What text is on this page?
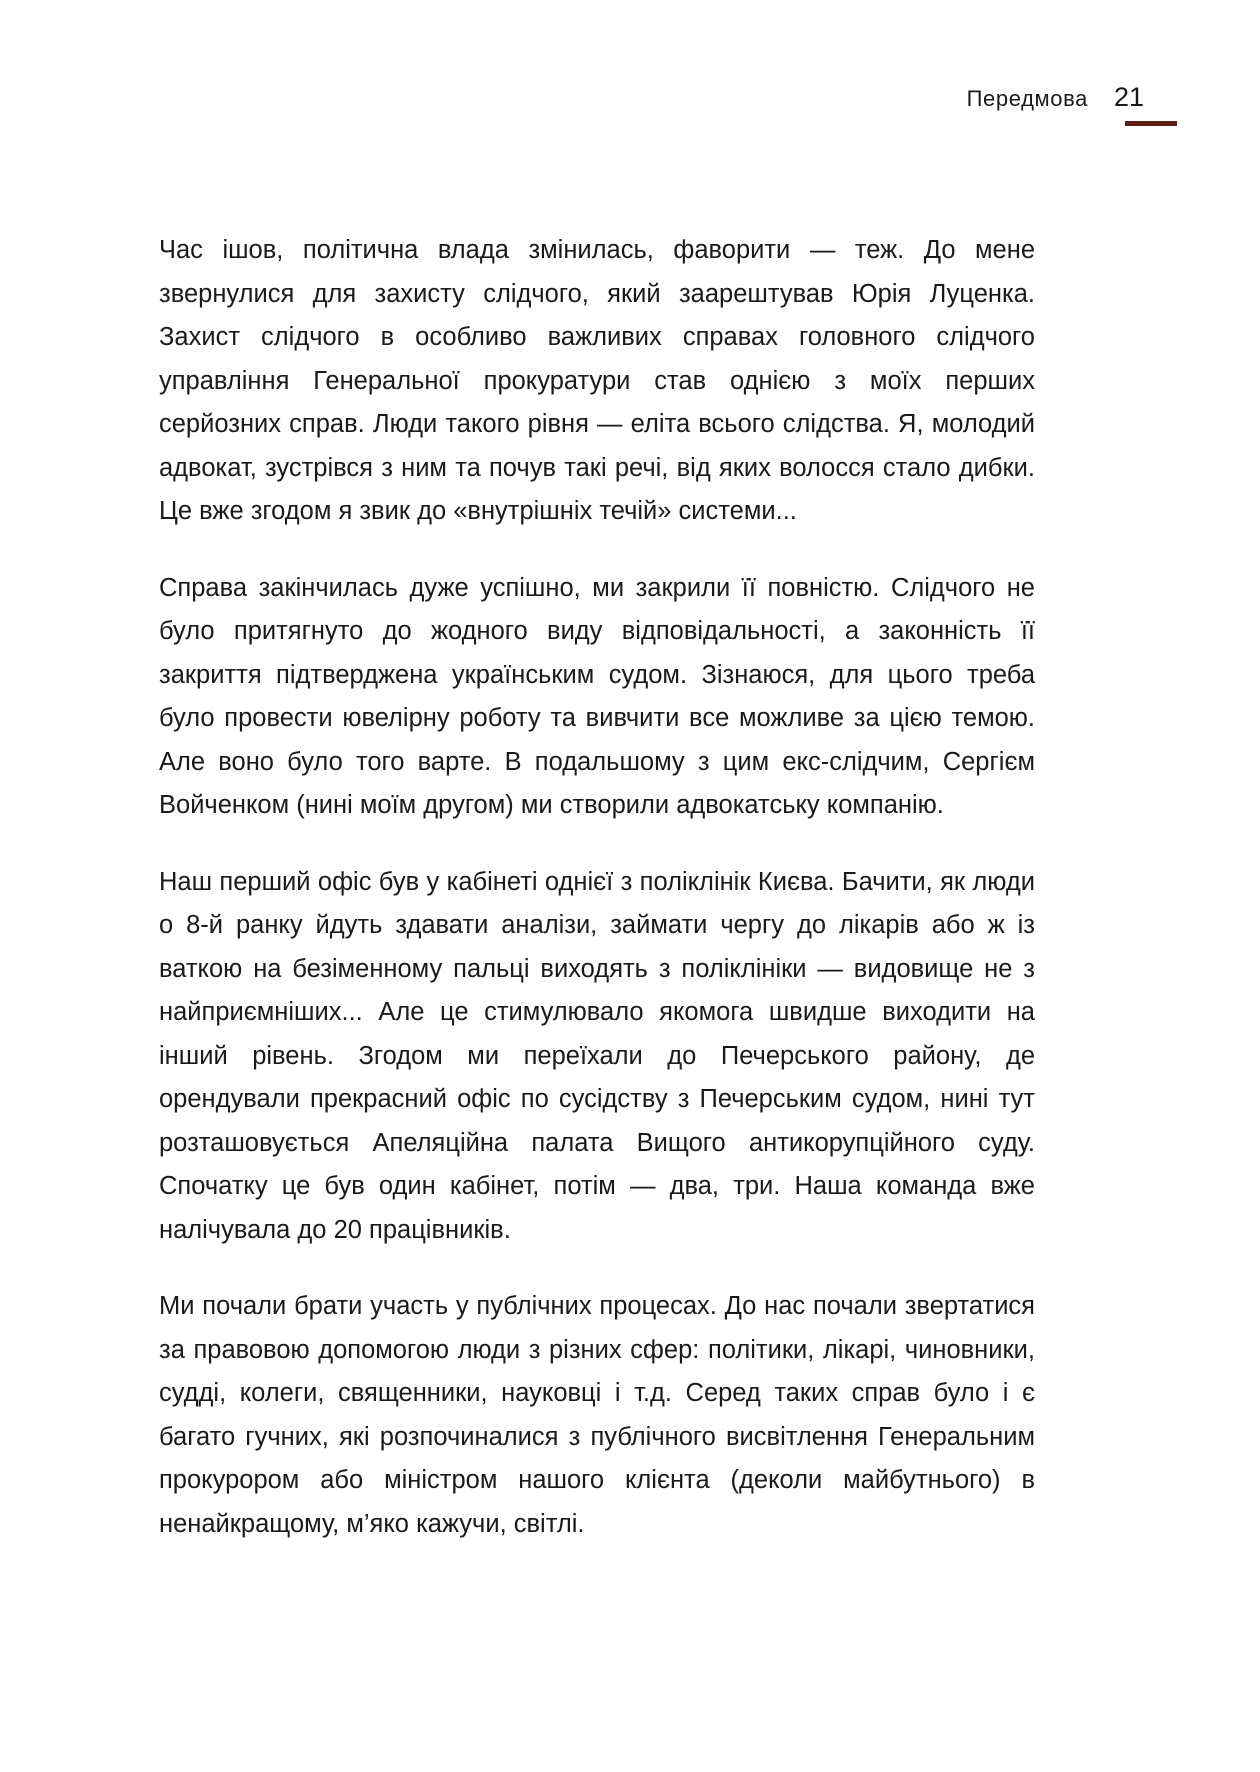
Передмова 21

Час ішов, політична влада змінилась, фаворити — теж. До мене звернулися для захисту слідчого, який заарештував Юрія Луценка. Захист слідчого в особливо важливих справах головного слідчого управління Генеральної прокуратури став однією з моїх перших серйозних справ. Люди такого рівня — еліта всього слідства. Я, молодий адвокат, зустрівся з ним та почув такі речі, від яких волосся стало дибки. Це вже згодом я звик до «внутрішніх течій» системи...

Справа закінчилась дуже успішно, ми закрили її повністю. Слідчого не було притягнуто до жодного виду відповідальності, а законність її закриття підтверджена українським судом. Зізнаюся, для цього треба було провести ювелірну роботу та вивчити все можливе за цією темою. Але воно було того варте. В подальшому з цим екс-слідчим, Сергієм Войченком (нині моїм другом) ми створили адвокатську компанію.

Наш перший офіс був у кабінеті однієї з поліклінік Києва. Бачити, як люди о 8-й ранку йдуть здавати аналізи, займати чергу до лікарів або ж із ваткою на безіменному пальці виходять з поліклініки — видовище не з найприємніших... Але це стимулювало якомога швидше виходити на інший рівень. Згодом ми переїхали до Печерського району, де орендували прекрасний офіс по сусідству з Печерським судом, нині тут розташовується Апеляційна палата Вищого антикорупційного суду. Спочатку це був один кабінет, потім — два, три. Наша команда вже налічувала до 20 працівників.

Ми почали брати участь у публічних процесах. До нас почали звертатися за правовою допомогою люди з різних сфер: політики, лікарі, чиновники, судді, колеги, священники, науковці і т.д. Серед таких справ було і є багато гучних, які розпочиналися з публічного висвітлення Генеральним прокурором або міністром нашого клієнта (деколи майбутнього) в ненайкращому, м’яко кажучи, світлі.
